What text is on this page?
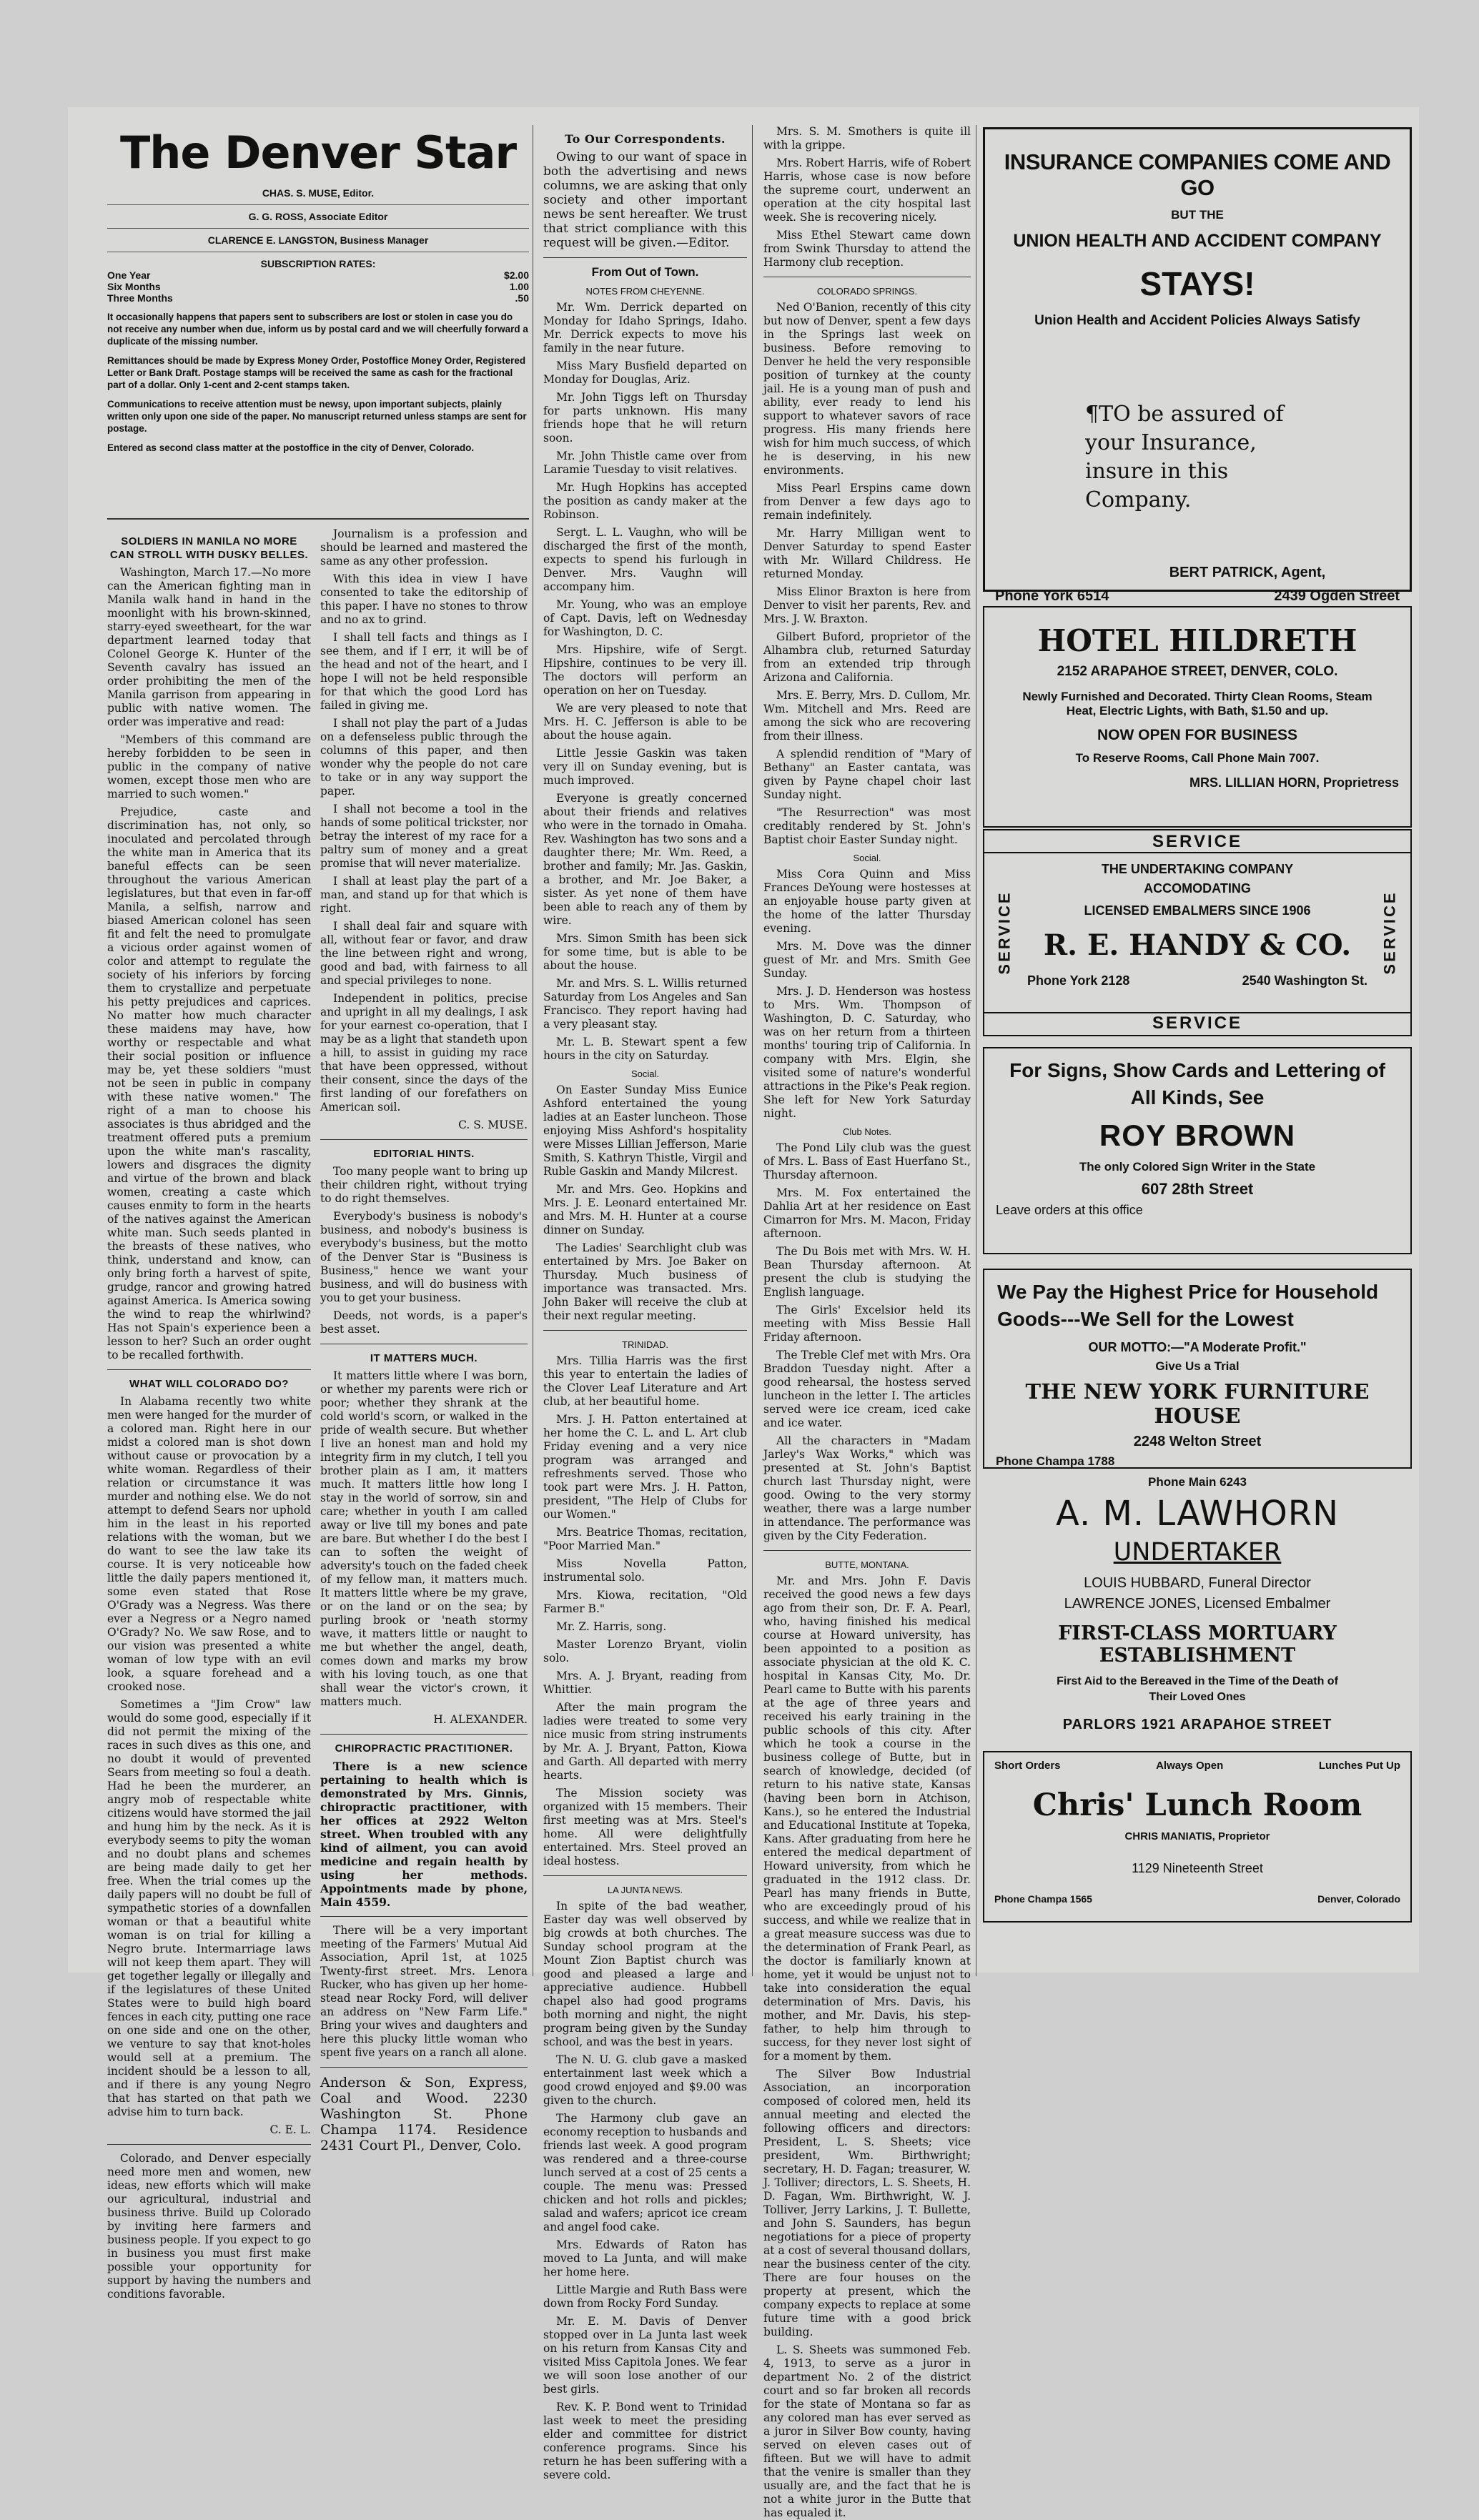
The Denver Star
CHAS. S. MUSE, Editor.
G. G. ROSS, Associate Editor
CLARENCE E. LANGSTON, Business Manager
SUBSCRIPTION RATES:
One Year	$2.00
Six Months	1.00
Three Months	.50

It occasionally happens that papers sent to subscribers are lost or stolen in case you do not receive any number when due, inform us by postal card and we will cheerfully forward a duplicate of the missing number.

Remittances should be made by Express Money Order, Postoffice Money Order, Registered Letter or Bank Draft. Postage stamps will be received the same as cash for the fractional part of a dollar. Only 1-cent and 2-cent stamps taken.

Communications to receive attention must be newsy, upon important subjects, plainly written only upon one side of the paper. No manuscript returned unless stamps are sent for postage.

Entered as second class matter at the postoffice in the city of Denver, Colorado.

SOLDIERS IN MANILA NO MORE CAN STROLL WITH DUSKY BELLES.

Washington, March 17.—No more can the American fighting man in Manila walk hand in hand in the moonlight with his brown-skinned, starry-eyed sweetheart, for the war department learned today that Colonel George K. Hunter of the Seventh cavalry has issued an order prohibiting the men of the Manila garrison from appearing in public with native women. The order was imperative and read:

"Members of this command are hereby forbidden to be seen in public in the company of native women, except those men who are married to such women."

Prejudice, caste and discrimination has, not only, so inoculated and percolated through the white man in America that its baneful effects can be seen throughout the various American legislatures, but that even in far-off Manila, a selfish, narrow and biased American colonel has seen fit and felt the need to promulgate a vicious order against women of color and attempt to regulate the society of his inferiors by forcing them to crystallize and perpetuate his petty prejudices and caprices. No matter how much character these maidens may have, how worthy or respectable and what their social position or influence may be, yet these soldiers "must not be seen in public in company with these native women." The right of a man to choose his associates is thus abridged and the treatment offered puts a premium upon the white man's rascality, lowers and disgraces the dignity and virtue of the brown and black women, creating a caste which causes enmity to form in the hearts of the natives against the American white man. Such seeds planted in the breasts of these natives, who think, understand and know, can only bring forth a harvest of spite, grudge, rancor and growing hatred against America. Is America sowing the wind to reap the whirlwind? Has not Spain's experience been a lesson to her? Such an order ought to be recalled forthwith.

WHAT WILL COLORADO DO?

In Alabama recently two white men were hanged for the murder of a colored man. Right here in our midst a colored man is shot down without cause or provocation by a white woman. Regardless of their relation or circumstance it was murder and nothing else. We do not attempt to defend Sears nor uphold him in the least in his reported relations with the woman, but we do want to see the law take its course. It is very noticeable how little the daily papers mentioned it, some even stated that Rose O'Grady was a Negress. Was there ever a Negress or a Negro named O'Grady? No. We saw Rose, and to our vision was presented a white woman of low type with an evil look, a square forehead and a crooked nose.

Sometimes a "Jim Crow" law would do some good, especially if it did not permit the mixing of the races in such dives as this one, and no doubt it would of prevented Sears from meeting so foul a death. Had he been the murderer, an angry mob of respectable white citizens would have stormed the jail and hung him by the neck. As it is everybody seems to pity the woman and no doubt plans and schemes are being made daily to get her free. When the trial comes up the daily papers will no doubt be full of sympathetic stories of a downfallen woman or that a beautiful white woman is on trial for killing a Negro brute. Intermarriage laws will not keep them apart. They will get together legally or illegally and if the legislatures of these United States were to build high board fences in each city, putting one race on one side and one on the other, we venture to say that knot-holes would sell at a premium. The incident should be a lesson to all, and if there is any young Negro that has started on that path we advise him to turn back.

C. E. L.

Colorado, and Denver especially need more men and women, new ideas, new efforts which will make our agricultural, industrial and business thrive. Build up Colorado by inviting here farmers and business people. If you expect to go in business you must first make possible your opportunity for support by having the numbers and conditions favorable.

Journalism is a profession and should be learned and mastered the same as any other profession.

With this idea in view I have consented to take the editorship of this paper. I have no stones to throw and no ax to grind.

I shall tell facts and things as I see them, and if I err, it will be of the head and not of the heart, and I hope I will not be held responsible for that which the good Lord has failed in giving me.

I shall not play the part of a Judas on a defenseless public through the columns of this paper, and then wonder why the people do not care to take or in any way support the paper.

I shall not become a tool in the hands of some political trickster, nor betray the interest of my race for a paltry sum of money and a great promise that will never materialize.

I shall at least play the part of a man, and stand up for that which is right.

I shall deal fair and square with all, without fear or favor, and draw the line between right and wrong, good and bad, with fairness to all and special privileges to none.

Independent in politics, precise and upright in all my dealings, I ask for your earnest co-operation, that I may be as a light that standeth upon a hill, to assist in guiding my race that have been oppressed, without their consent, since the days of the first landing of our forefathers on American soil.

C. S. MUSE.
EDITORIAL HINTS.

Too many people want to bring up their children right, without trying to do right themselves.

Everybody's business is nobody's business, and nobody's business is everybody's business, but the motto of the Denver Star is "Business is Business," hence we want your business, and will do business with you to get your business.

Deeds, not words, is a paper's best asset.

IT MATTERS MUCH.

It matters little where I was born, or whether my parents were rich or poor; whether they shrank at the cold world's scorn, or walked in the pride of wealth secure. But whether I live an honest man and hold my integrity firm in my clutch, I tell you brother plain as I am, it matters much. It matters little how long I stay in the world of sorrow, sin and care; whether in youth I am called away or live till my bones and pate are bare. But whether I do the best I can to soften the weight of adversity's touch on the faded cheek of my fellow man, it matters much. It matters little where be my grave, or on the land or on the sea; by purling brook or 'neath stormy wave, it matters little or naught to me but whether the angel, death, comes down and marks my brow with his loving touch, as one that shall wear the victor's crown, it matters much.

H. ALEXANDER.
CHIROPRACTIC PRACTITIONER.

There is a new science pertaining to health which is demonstrated by Mrs. Ginnis, chiropractic practitioner, with her offices at 2922 Welton street. When troubled with any kind of ailment, you can avoid medicine and regain health by using her methods. Appointments made by phone, Main 4559.

There will be a very important meeting of the Farmers' Mutual Aid Association, April 1st, at 1025 Twenty-first street. Mrs. Lenora Rucker, who has given up her home-stead near Rocky Ford, will deliver an address on "New Farm Life." Bring your wives and daughters and here this plucky little woman who spent five years on a ranch all alone.

Anderson & Son, Express, Coal and Wood. 2230 Washington St. Phone Champa 1174. Residence 2431 Court Pl., Denver, Colo.

To Our Correspondents.

Owing to our want of space in both the advertising and news columns, we are asking that only society and other important news be sent hereafter. We trust that strict compliance with this request will be given.—Editor.

From Out of Town.
NOTES FROM CHEYENNE.

Mr. Wm. Derrick departed on Monday for Idaho Springs, Idaho. Mr. Derrick expects to move his family in the near future.

Miss Mary Busfield departed on Monday for Douglas, Ariz.

Mr. John Tiggs left on Thursday for parts unknown. His many friends hope that he will return soon.

Mr. John Thistle came over from Laramie Tuesday to visit relatives.

Mr. Hugh Hopkins has accepted the position as candy maker at the Robinson.

Sergt. L. L. Vaughn, who will be discharged the first of the month, expects to spend his furlough in Denver. Mrs. Vaughn will accompany him.

Mr. Young, who was an employe of Capt. Davis, left on Wednesday for Washington, D. C.

Mrs. Hipshire, wife of Sergt. Hipshire, continues to be very ill. The doctors will perform an operation on her on Tuesday.

We are very pleased to note that Mrs. H. C. Jefferson is able to be about the house again.

Little Jessie Gaskin was taken very ill on Sunday evening, but is much improved.

Everyone is greatly concerned about their friends and relatives who were in the tornado in Omaha. Rev. Washington has two sons and a daughter there; Mr. Wm. Reed, a brother and family; Mr. Jas. Gaskin, a brother, and Mr. Joe Baker, a sister. As yet none of them have been able to reach any of them by wire.

Mrs. Simon Smith has been sick for some time, but is able to be about the house.

Mr. and Mrs. S. L. Willis returned Saturday from Los Angeles and San Francisco. They report having had a very pleasant stay.

Mr. L. B. Stewart spent a few hours in the city on Saturday.

Social.

On Easter Sunday Miss Eunice Ashford entertained the young ladies at an Easter luncheon. Those enjoying Miss Ashford's hospitality were Misses Lillian Jefferson, Marie Smith, S. Kathryn Thistle, Virgil and Ruble Gaskin and Mandy Milcrest.

Mr. and Mrs. Geo. Hopkins and Mrs. J. E. Leonard entertained Mr. and Mrs. M. H. Hunter at a course dinner on Sunday.

The Ladies' Searchlight club was entertained by Mrs. Joe Baker on Thursday. Much business of importance was transacted. Mrs. John Baker will receive the club at their next regular meeting.

TRINIDAD.

Mrs. Tillia Harris was the first this year to entertain the ladies of the Clover Leaf Literature and Art club, at her beautiful home.

Mrs. J. H. Patton entertained at her home the C. L. and L. Art club Friday evening and a very nice program was arranged and refreshments served. Those who took part were Mrs. J. H. Patton, president, "The Help of Clubs for our Women."

Mrs. Beatrice Thomas, recitation, "Poor Married Man."

Miss Novella Patton, instrumental solo.

Mrs. Kiowa, recitation, "Old Farmer B."

Mr. Z. Harris, song.

Master Lorenzo Bryant, violin solo.

Mrs. A. J. Bryant, reading from Whittier.

After the main program the ladies were treated to some very nice music from string instruments by Mr. A. J. Bryant, Patton, Kiowa and Garth. All departed with merry hearts.

The Mission society was organized with 15 members. Their first meeting was at Mrs. Steel's home. All were delightfully entertained. Mrs. Steel proved an ideal hostess.

LA JUNTA NEWS.

In spite of the bad weather, Easter day was well observed by big crowds at both churches. The Sunday school program at the Mount Zion Baptist church was good and pleased a large and appreciative audience. Hubbell chapel also had good programs both morning and night, the night program being given by the Sunday school, and was the best in years.

The N. U. G. club gave a masked entertainment last week which a good crowd enjoyed and $9.00 was given to the church.

The Harmony club gave an economy reception to husbands and friends last week. A good program was rendered and a three-course lunch served at a cost of 25 cents a couple. The menu was: Pressed chicken and hot rolls and pickles; salad and wafers; apricot ice cream and angel food cake.

Mrs. Edwards of Raton has moved to La Junta, and will make her home here.

Little Margie and Ruth Bass were down from Rocky Ford Sunday.

Mr. E. M. Davis of Denver stopped over in La Junta last week on his return from Kansas City and visited Miss Capitola Jones. We fear we will soon lose another of our best girls.

Rev. K. P. Bond went to Trinidad last week to meet the presiding elder and committee for district conference programs. Since his return he has been suffering with a severe cold.

Mrs. S. M. Smothers is quite ill with la grippe.

Mrs. Robert Harris, wife of Robert Harris, whose case is now before the supreme court, underwent an operation at the city hospital last week. She is recovering nicely.

Miss Ethel Stewart came down from Swink Thursday to attend the Harmony club reception.

COLORADO SPRINGS.

Ned O'Banion, recently of this city but now of Denver, spent a few days in the Springs last week on business. Before removing to Denver he held the very responsible position of turnkey at the county jail. He is a young man of push and ability, ever ready to lend his support to whatever savors of race progress. His many friends here wish for him much success, of which he is deserving, in his new environments.

Miss Pearl Erspins came down from Denver a few days ago to remain indefinitely.

Mr. Harry Milligan went to Denver Saturday to spend Easter with Mr. Willard Childress. He returned Monday.

Miss Elinor Braxton is here from Denver to visit her parents, Rev. and Mrs. J. W. Braxton.

Gilbert Buford, proprietor of the Alhambra club, returned Saturday from an extended trip through Arizona and California.

Mrs. E. Berry, Mrs. D. Cullom, Mr. Wm. Mitchell and Mrs. Reed are among the sick who are recovering from their illness.

A splendid rendition of "Mary of Bethany" an Easter cantata, was given by Payne chapel choir last Sunday night.

"The Resurrection" was most creditably rendered by St. John's Baptist choir Easter Sunday night.

Social.

Miss Cora Quinn and Miss Frances DeYoung were hostesses at an enjoyable house party given at the home of the latter Thursday evening.

Mrs. M. Dove was the dinner guest of Mr. and Mrs. Smith Gee Sunday.

Mrs. J. D. Henderson was hostess to Mrs. Wm. Thompson of Washington, D. C. Saturday, who was on her return from a thirteen months' touring trip of California. In company with Mrs. Elgin, she visited some of nature's wonderful attractions in the Pike's Peak region. She left for New York Saturday night.

Club Notes.

The Pond Lily club was the guest of Mrs. L. Bass of East Huerfano St., Thursday afternoon.

Mrs. M. Fox entertained the Dahlia Art at her residence on East Cimarron for Mrs. M. Macon, Friday afternoon.

The Du Bois met with Mrs. W. H. Bean Thursday afternoon. At present the club is studying the English language.

The Girls' Excelsior held its meeting with Miss Bessie Hall Friday afternoon.

The Treble Clef met with Mrs. Ora Braddon Tuesday night. After a good rehearsal, the hostess served luncheon in the letter I. The articles served were ice cream, iced cake and ice water.

All the characters in "Madam Jarley's Wax Works," which was presented at St. John's Baptist church last Thursday night, were good. Owing to the very stormy weather, there was a large number in attendance. The performance was given by the City Federation.

BUTTE, MONTANA.

Mr. and Mrs. John F. Davis received the good news a few days ago from their son, Dr. F. A. Pearl, who, having finished his medical course at Howard university, has been appointed to a position as associate physician at the old K. C. hospital in Kansas City, Mo. Dr. Pearl came to Butte with his parents at the age of three years and received his early training in the public schools of this city. After which he took a course in the business college of Butte, but in search of knowledge, decided (of return to his native state, Kansas (having been born in Atchison, Kans.), so he entered the Industrial and Educational Institute at Topeka, Kans. After graduating from here he entered the medical department of Howard university, from which he graduated in the 1912 class. Dr. Pearl has many friends in Butte, who are exceedingly proud of his success, and while we realize that in a great measure success was due to the determination of Frank Pearl, as the doctor is familiarly known at home, yet it would be unjust not to take into consideration the equal determination of Mrs. Davis, his mother, and Mr. Davis, his step-father, to help him through to success, for they never lost sight of for a moment by them.

The Silver Bow Industrial Association, an incorporation composed of colored men, held its annual meeting and elected the following officers and directors: President, L. S. Sheets; vice president, Wm. Birthwright; secretary, H. D. Fagan; treasurer, W. J. Tolliver; directors, L. S. Sheets, H. D. Fagan, Wm. Birthwright, W. J. Tolliver, Jerry Larkins, J. T. Bullette, and John S. Saunders, has begun negotiations for a piece of property at a cost of several thousand dollars, near the business center of the city. There are four houses on the property at present, which the company expects to replace at some future time with a good brick building.

L. S. Sheets was summoned Feb. 4, 1913, to serve as a juror in department No. 2 of the district court and so far broken all records for the state of Montana so far as any colored man has ever served as a juror in Silver Bow county, having served on eleven cases out of fifteen. But we will have to admit that the venire is smaller than they usually are, and the fact that he is not a white juror in the Butte that has equaled it.

INSURANCE COMPANIES COME AND GO
BUT THE
UNION HEALTH AND ACCIDENT COMPANY
STAYS!
Union Health and Accident Policies Always Satisfy
¶TO be assured of your Insurance, insure in this Company.
BERT PATRICK, Agent,
Phone York 6514	2439 Ogden Street
HOTEL HILDRETH
2152 ARAPAHOE STREET, DENVER, COLO.
Newly Furnished and Decorated. Thirty Clean Rooms, Steam Heat, Electric Lights, with Bath, $1.50 and up.
NOW OPEN FOR BUSINESS
To Reserve Rooms, Call Phone Main 7007.
MRS. LILLIAN HORN, Proprietress
SERVICE
SERVICE	SERVICE
THE UNDERTAKING COMPANY
ACCOMODATING
LICENSED EMBALMERS SINCE 1906
R. E. HANDY & CO.
Phone York 2128	2540 Washington St.
SERVICE
For Signs, Show Cards and Lettering of All Kinds, See
ROY BROWN
The only Colored Sign Writer in the State
607 28th Street
Leave orders at this office
We Pay the Highest Price for Household Goods---We Sell for the Lowest
OUR MOTTO:—"A Moderate Profit."
Give Us a Trial
THE NEW YORK FURNITURE HOUSE
2248 Welton Street
Phone Champa 1788
Phone Main 6243
A. M. LAWHORN
UNDERTAKER
LOUIS HUBBARD, Funeral Director
LAWRENCE JONES, Licensed Embalmer
FIRST-CLASS MORTUARY ESTABLISHMENT
First Aid to the Bereaved in the Time of the Death of Their Loved Ones
PARLORS 1921 ARAPAHOE STREET
Short Orders	Always Open	Lunches Put Up
Chris' Lunch Room
CHRIS MANIATIS, Proprietor
1129 Nineteenth Street
Phone Champa 1565	Denver, Colorado
